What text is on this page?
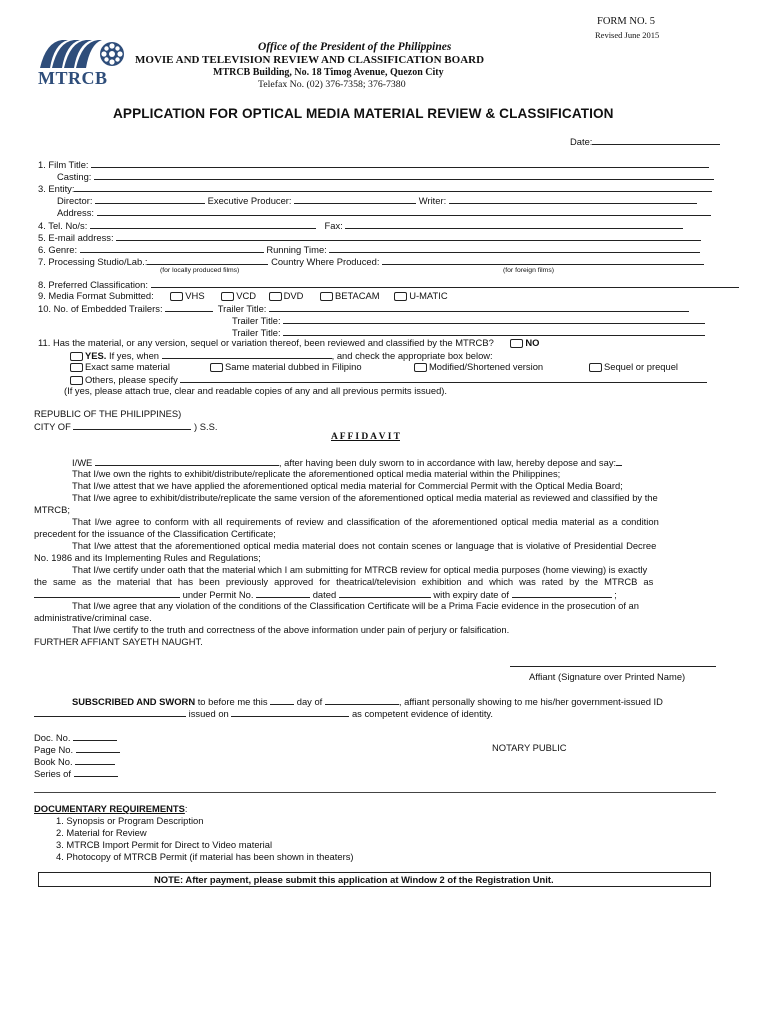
FORM NO. 5
Revised June 2015
MTRCB
Office of the President of the Philippines
MOVIE AND TELEVISION REVIEW AND CLASSIFICATION BOARD
MTRCB Building, No. 18 Timog Avenue, Quezon City
Telefax No. (02) 376-7358; 376-7380
APPLICATION FOR OPTICAL MEDIA MATERIAL REVIEW & CLASSIFICATION
Date:
1. Film Title:
Casting:
3. Entity:
Director:	Executive Producer:	Writer:
Address:
4. Tel. No/s:	Fax:
5. E-mail address:
6. Genre:	Running Time:
7. Processing Studio/Lab.:	Country Where Produced:
(for locally produced films)	(for foreign films)
8. Preferred Classification:
9. Media Format Submitted:	VHS	VCD	DVD	BETACAM	U-MATIC
10. No. of Embedded Trailers:	Trailer Title:
Trailer Title:
Trailer Title:
11. Has the material, or any version, sequel or variation thereof, been reviewed and classified by the MTRCB?	NO
YES. If yes, when	, and check the appropriate box below:
Exact same material	Same material dubbed in Filipino	Modified/Shortened version	Sequel or prequel
Others, please specify
(If yes, please attach true, clear and readable copies of any and all previous permits issued).
REPUBLIC OF THE PHILIPPINES)
CITY OF	) S.S.
A F F I D A V I T
I/WE	, after having been duly sworn to in accordance with law, hereby depose and say:
That I/we own the rights to exhibit/distribute/replicate the aforementioned optical media material within the Philippines;
That I/we attest that we have applied the aforementioned optical media material for Commercial Permit with the Optical Media Board;
That I/we agree to exhibit/distribute/replicate the same version of the aforementioned optical media material as reviewed and classified by the
MTRCB;
That I/we agree to conform with all requirements of review and classification of the aforementioned optical media material as a condition
precedent for the issuance of the Classification Certificate;
That I/we attest that the aforementioned optical media material does not contain scenes or language that is violative of Presidential Decree
No. 1986 and its Implementing Rules and Regulations;
That I/we certify under oath that the material which I am submitting for MTRCB review for optical media purposes (home viewing) is exactly
the same as the material that has been previously approved for theatrical/television exhibition and which was rated by the MTRCB as
under Permit No.	dated	with expiry date of	;
That I/we agree that any violation of the conditions of the Classification Certificate will be a Prima Facie evidence in the prosecution of an
administrative/criminal case.
That I/we certify to the truth and correctness of the above information under pain of perjury or falsification.
FURTHER AFFIANT SAYETH NAUGHT.
Affiant (Signature over Printed Name)
SUBSCRIBED AND SWORN to before me this	day of	, affiant personally showing to me his/her government-issued ID
issued on	as competent evidence of identity.
Doc. No.
Page No.
Book No.
Series of
NOTARY PUBLIC
DOCUMENTARY REQUIREMENTS:
1. Synopsis or Program Description
2. Material for Review
3. MTRCB Import Permit for Direct to Video material
4. Photocopy of MTRCB Permit (if material has been shown in theaters)
NOTE: After payment, please submit this application at Window 2 of the Registration Unit.
